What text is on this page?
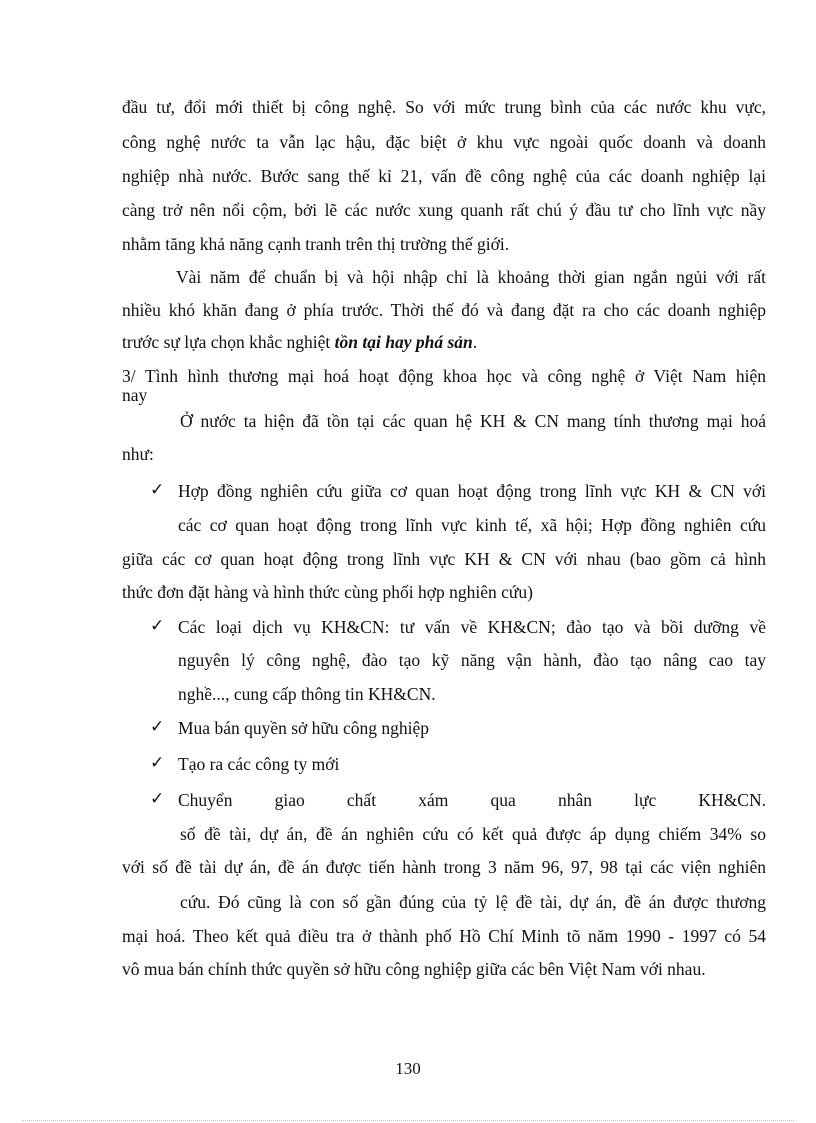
đầu tư, đổi mới thiết bị công nghệ. So với mức trung bình của các nước khu vực,
công nghệ nước ta vẫn lạc hậu, đặc biệt ở khu vực ngoài quốc doanh và doanh
nghiệp nhà nước. Bước sang thế kỉ 21, vấn đề công nghệ của các doanh nghiệp lại
càng trở nên nổi cộm, bởi lẽ các nước xung quanh rất chú ý đầu tư cho lĩnh vực nầy
nhằm tăng khả năng cạnh tranh trên thị trường thế giới.
Vài năm để chuẩn bị và hội nhập chỉ là khoảng thời gian ngắn ngủi với rất
nhiều khó khăn đang ở phía trước. Thời thế đó và đang đặt ra cho các doanh nghiệp
trước sự lựa chọn khắc nghiệt tồn tại hay phá sản.
3/ Tình hình thương mại hoá hoạt động khoa học và công nghệ ở Việt Nam hiện
nay
Ở nước ta hiện đã tồn tại các quan hệ KH & CN mang tính thương mại hoá
như:
✓ Hợp đồng nghiên cứu giữa cơ quan hoạt động trong lĩnh vực KH & CN với
các cơ quan hoạt động trong lĩnh vực kinh tế, xã hội; Hợp đồng nghiên cứu
giữa các cơ quan hoạt động trong lĩnh vực KH & CN với nhau (bao gồm cả hình
thức đơn đặt hàng và hình thức cùng phối hợp nghiên cứu)
✓ Các loại dịch vụ KH&CN: tư vấn về KH&CN; đào tạo và bồi dưỡng về
nguyên lý công nghệ, đào tạo kỹ năng vận hành, đào tạo nâng cao tay
nghề..., cung cấp thông tin KH&CN.
✓ Mua bán quyền sở hữu công nghiệp
✓ Tạo ra các công ty mới
✓ Chuyển giao chất xám qua nhân lực KH&CN.
số đề tài, dự án, đề án nghiên cứu có kết quả được áp dụng chiếm 34% so
với số đề tài dự án, đề án được tiến hành trong 3 năm 96, 97, 98 tại các viện nghiên
cứu. Đó cũng là con số gần đúng của tỷ lệ đề tài, dự án, đề án được thương
mại hoá. Theo kết quả điều tra ở thành phố Hồ Chí Minh tõ năm 1990 - 1997 có 54
vô mua bán chính thức quyền sở hữu công nghiệp giữa các bên Việt Nam với nhau.
130
